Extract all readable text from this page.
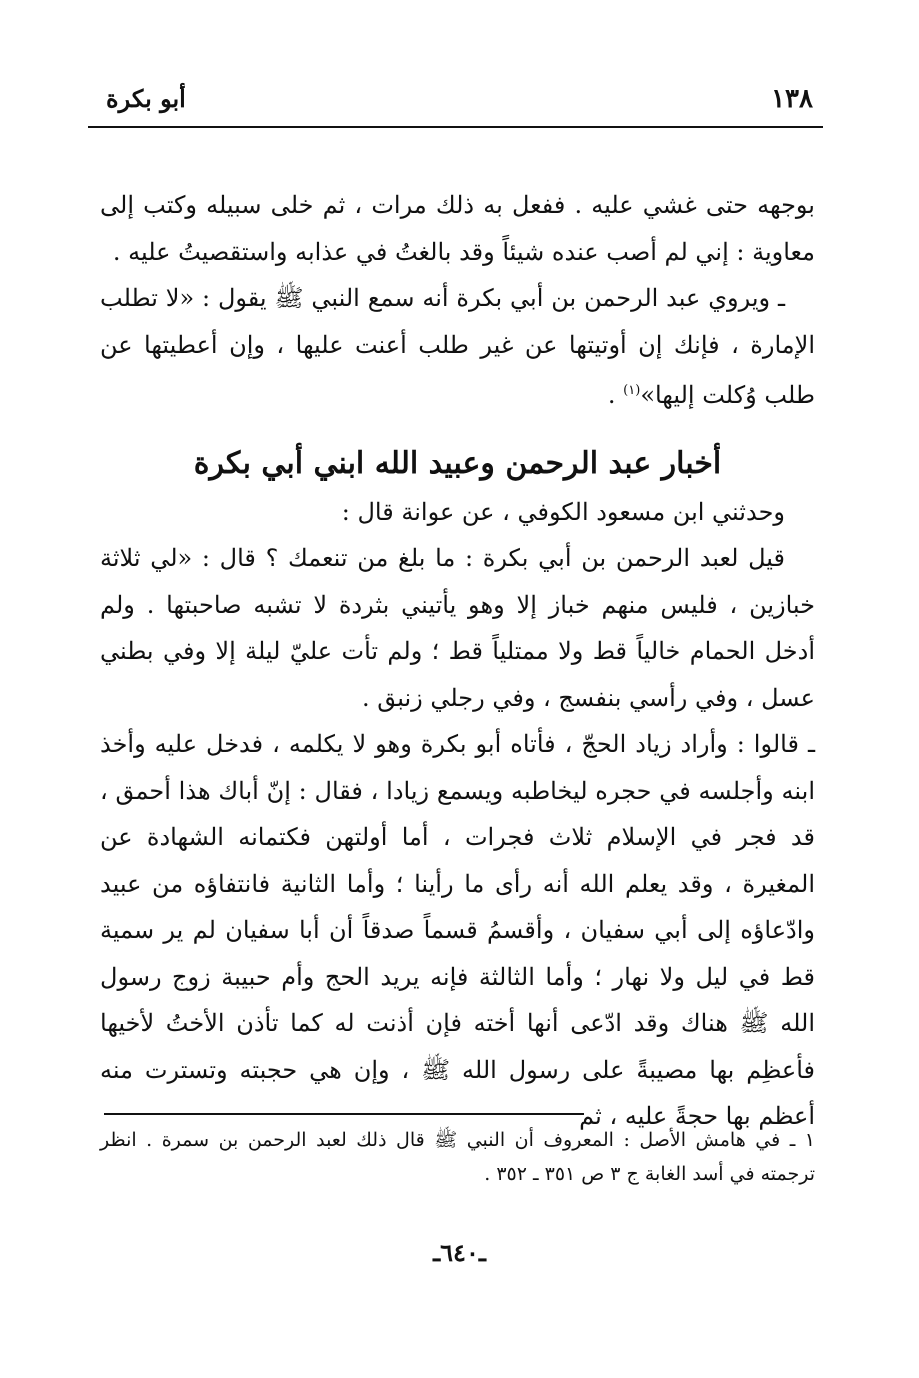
١٣٨
أبو بكرة

بوجهه حتى غشي عليه . ففعل به ذلك مرات ، ثم خلى سبيله وكتب إلى معاوية : إني لم أصب عنده شيئاً وقد بالغتُ في عذابه واستقصيتُ عليه .

ـ ويروي عبد الرحمن بن أبي بكرة أنه سمع النبي ﷺ يقول : «لا تطلب الإمارة ، فإنك إن أوتيتها عن غير طلب أعنت عليها ، وإن أعطيتها عن طلب وُكلت إليها»$^{(١)}$ .

أخبار عبد الرحمن وعبيد الله ابني أبي بكرة

وحدثني ابن مسعود الكوفي ، عن عوانة قال :

قيل لعبد الرحمن بن أبي بكرة : ما بلغ من تنعمك ؟ قال : «لي ثلاثة خبازين ، فليس منهم خباز إلا وهو يأتيني بثردة لا تشبه صاحبتها . ولم أدخل الحمام خالياً قط ولا ممتلياً قط ؛ ولم تأت عليّ ليلة إلا وفي بطني عسل ، وفي رأسي بنفسج ، وفي رجلي زنبق .

ـ قالوا : وأراد زياد الحجّ ، فأتاه أبو بكرة وهو لا يكلمه ، فدخل عليه وأخذ ابنه وأجلسه في حجره ليخاطبه ويسمع زيادا ، فقال : إنّ أباك هذا أحمق ، قد فجر في الإسلام ثلاث فجرات ، أما أولتهن فكتمانه الشهادة عن المغيرة ، وقد يعلم الله أنه رأى ما رأينا ؛ وأما الثانية فانتفاؤه من عبيد وادّعاؤه إلى أبي سفيان ، وأقسمُ قسماً صدقاً أن أبا سفيان لم ير سمية قط في ليل ولا نهار ؛ وأما الثالثة فإنه يريد الحج وأم حبيبة زوج رسول الله ﷺ هناك وقد ادّعى أنها أخته فإن أذنت له كما تأذن الأختُ لأخيها فأعظِم بها مصيبةً على رسول الله ﷺ ، وإن هي حجبته وتسترت منه أعظم بها حجةً عليه ، ثم

١ ـ في هامش الأصل : المعروف أن النبي ﷺ قال ذلك لعبد الرحمن بن سمرة . انظر ترجمته في أسد الغابة ج ٣ ص ٣٥١ ـ ٣٥٢ .
ـ٦٤٠ـ
